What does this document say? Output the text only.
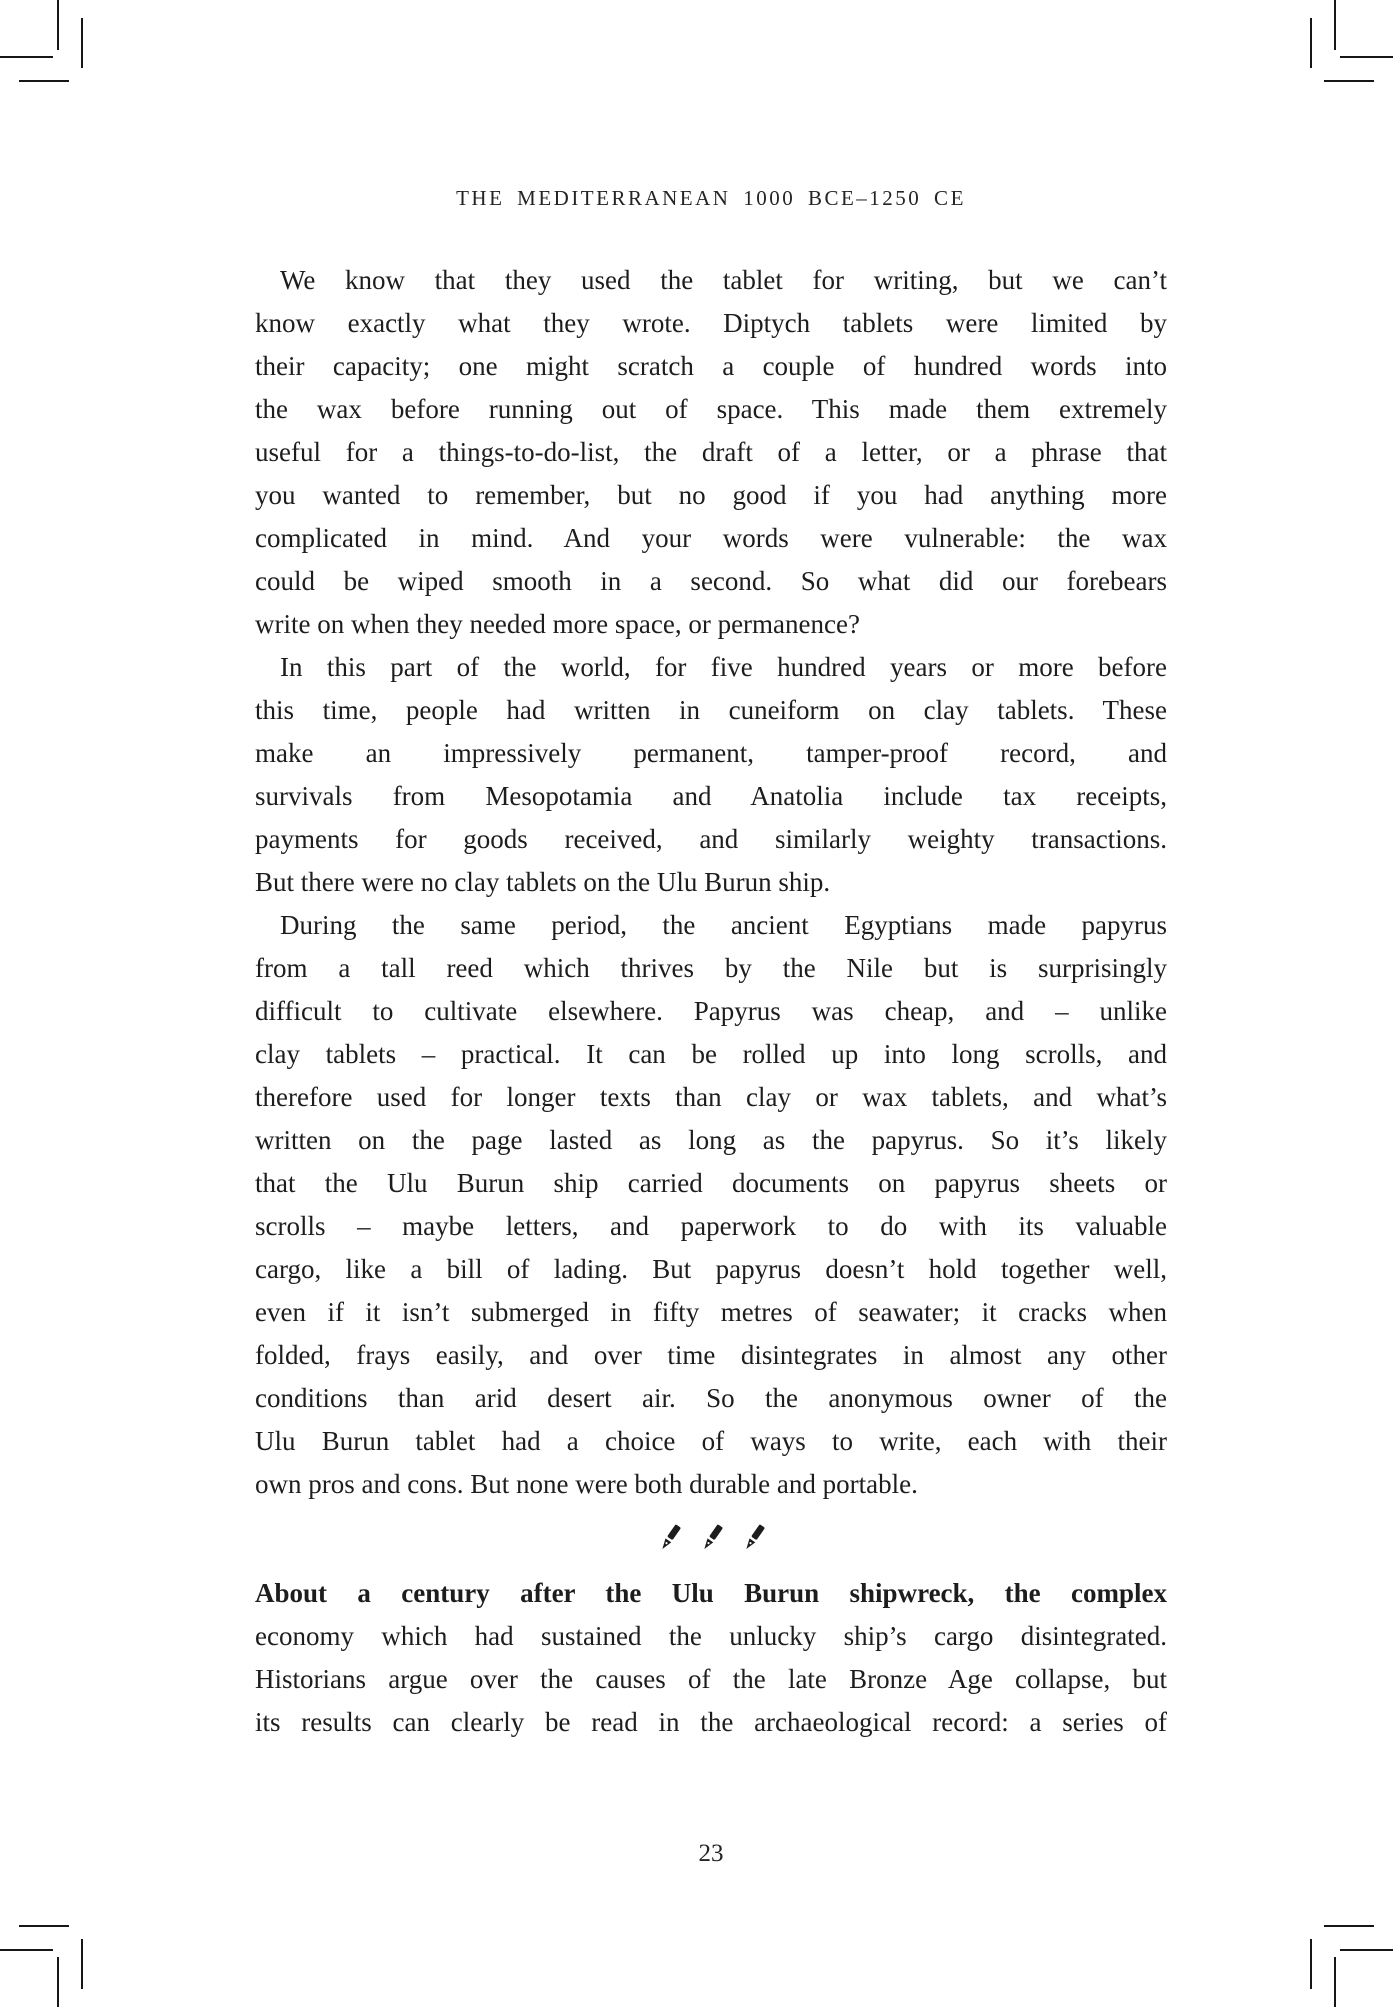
THE MEDITERRANEAN 1000 BCE–1250 CE
We know that they used the tablet for writing, but we can’t
know exactly what they wrote. Diptych tablets were limited by
their capacity; one might scratch a couple of hundred words into
the wax before running out of space. This made them extremely
useful for a things-to-do-list, the draft of a letter, or a phrase that
you wanted to remember, but no good if you had anything more
complicated in mind. And your words were vulnerable: the wax
could be wiped smooth in a second. So what did our forebears
write on when they needed more space, or permanence?
In this part of the world, for five hundred years or more before
this time, people had written in cuneiform on clay tablets. These
make an impressively permanent, tamper-proof record, and
survivals from Mesopotamia and Anatolia include tax receipts,
payments for goods received, and similarly weighty transactions.
But there were no clay tablets on the Ulu Burun ship.
During the same period, the ancient Egyptians made papyrus
from a tall reed which thrives by the Nile but is surprisingly
difficult to cultivate elsewhere. Papyrus was cheap, and – unlike
clay tablets – practical. It can be rolled up into long scrolls, and
therefore used for longer texts than clay or wax tablets, and what’s
written on the page lasted as long as the papyrus. So it’s likely
that the Ulu Burun ship carried documents on papyrus sheets or
scrolls – maybe letters, and paperwork to do with its valuable
cargo, like a bill of lading. But papyrus doesn’t hold together well,
even if it isn’t submerged in fifty metres of seawater; it cracks when
folded, frays easily, and over time disintegrates in almost any other
conditions than arid desert air. So the anonymous owner of the
Ulu Burun tablet had a choice of ways to write, each with their
own pros and cons. But none were both durable and portable.
About a century after the Ulu Burun shipwreck, the complex
economy which had sustained the unlucky ship’s cargo disintegrated.
Historians argue over the causes of the late Bronze Age collapse, but
its results can clearly be read in the archaeological record: a series of
23
